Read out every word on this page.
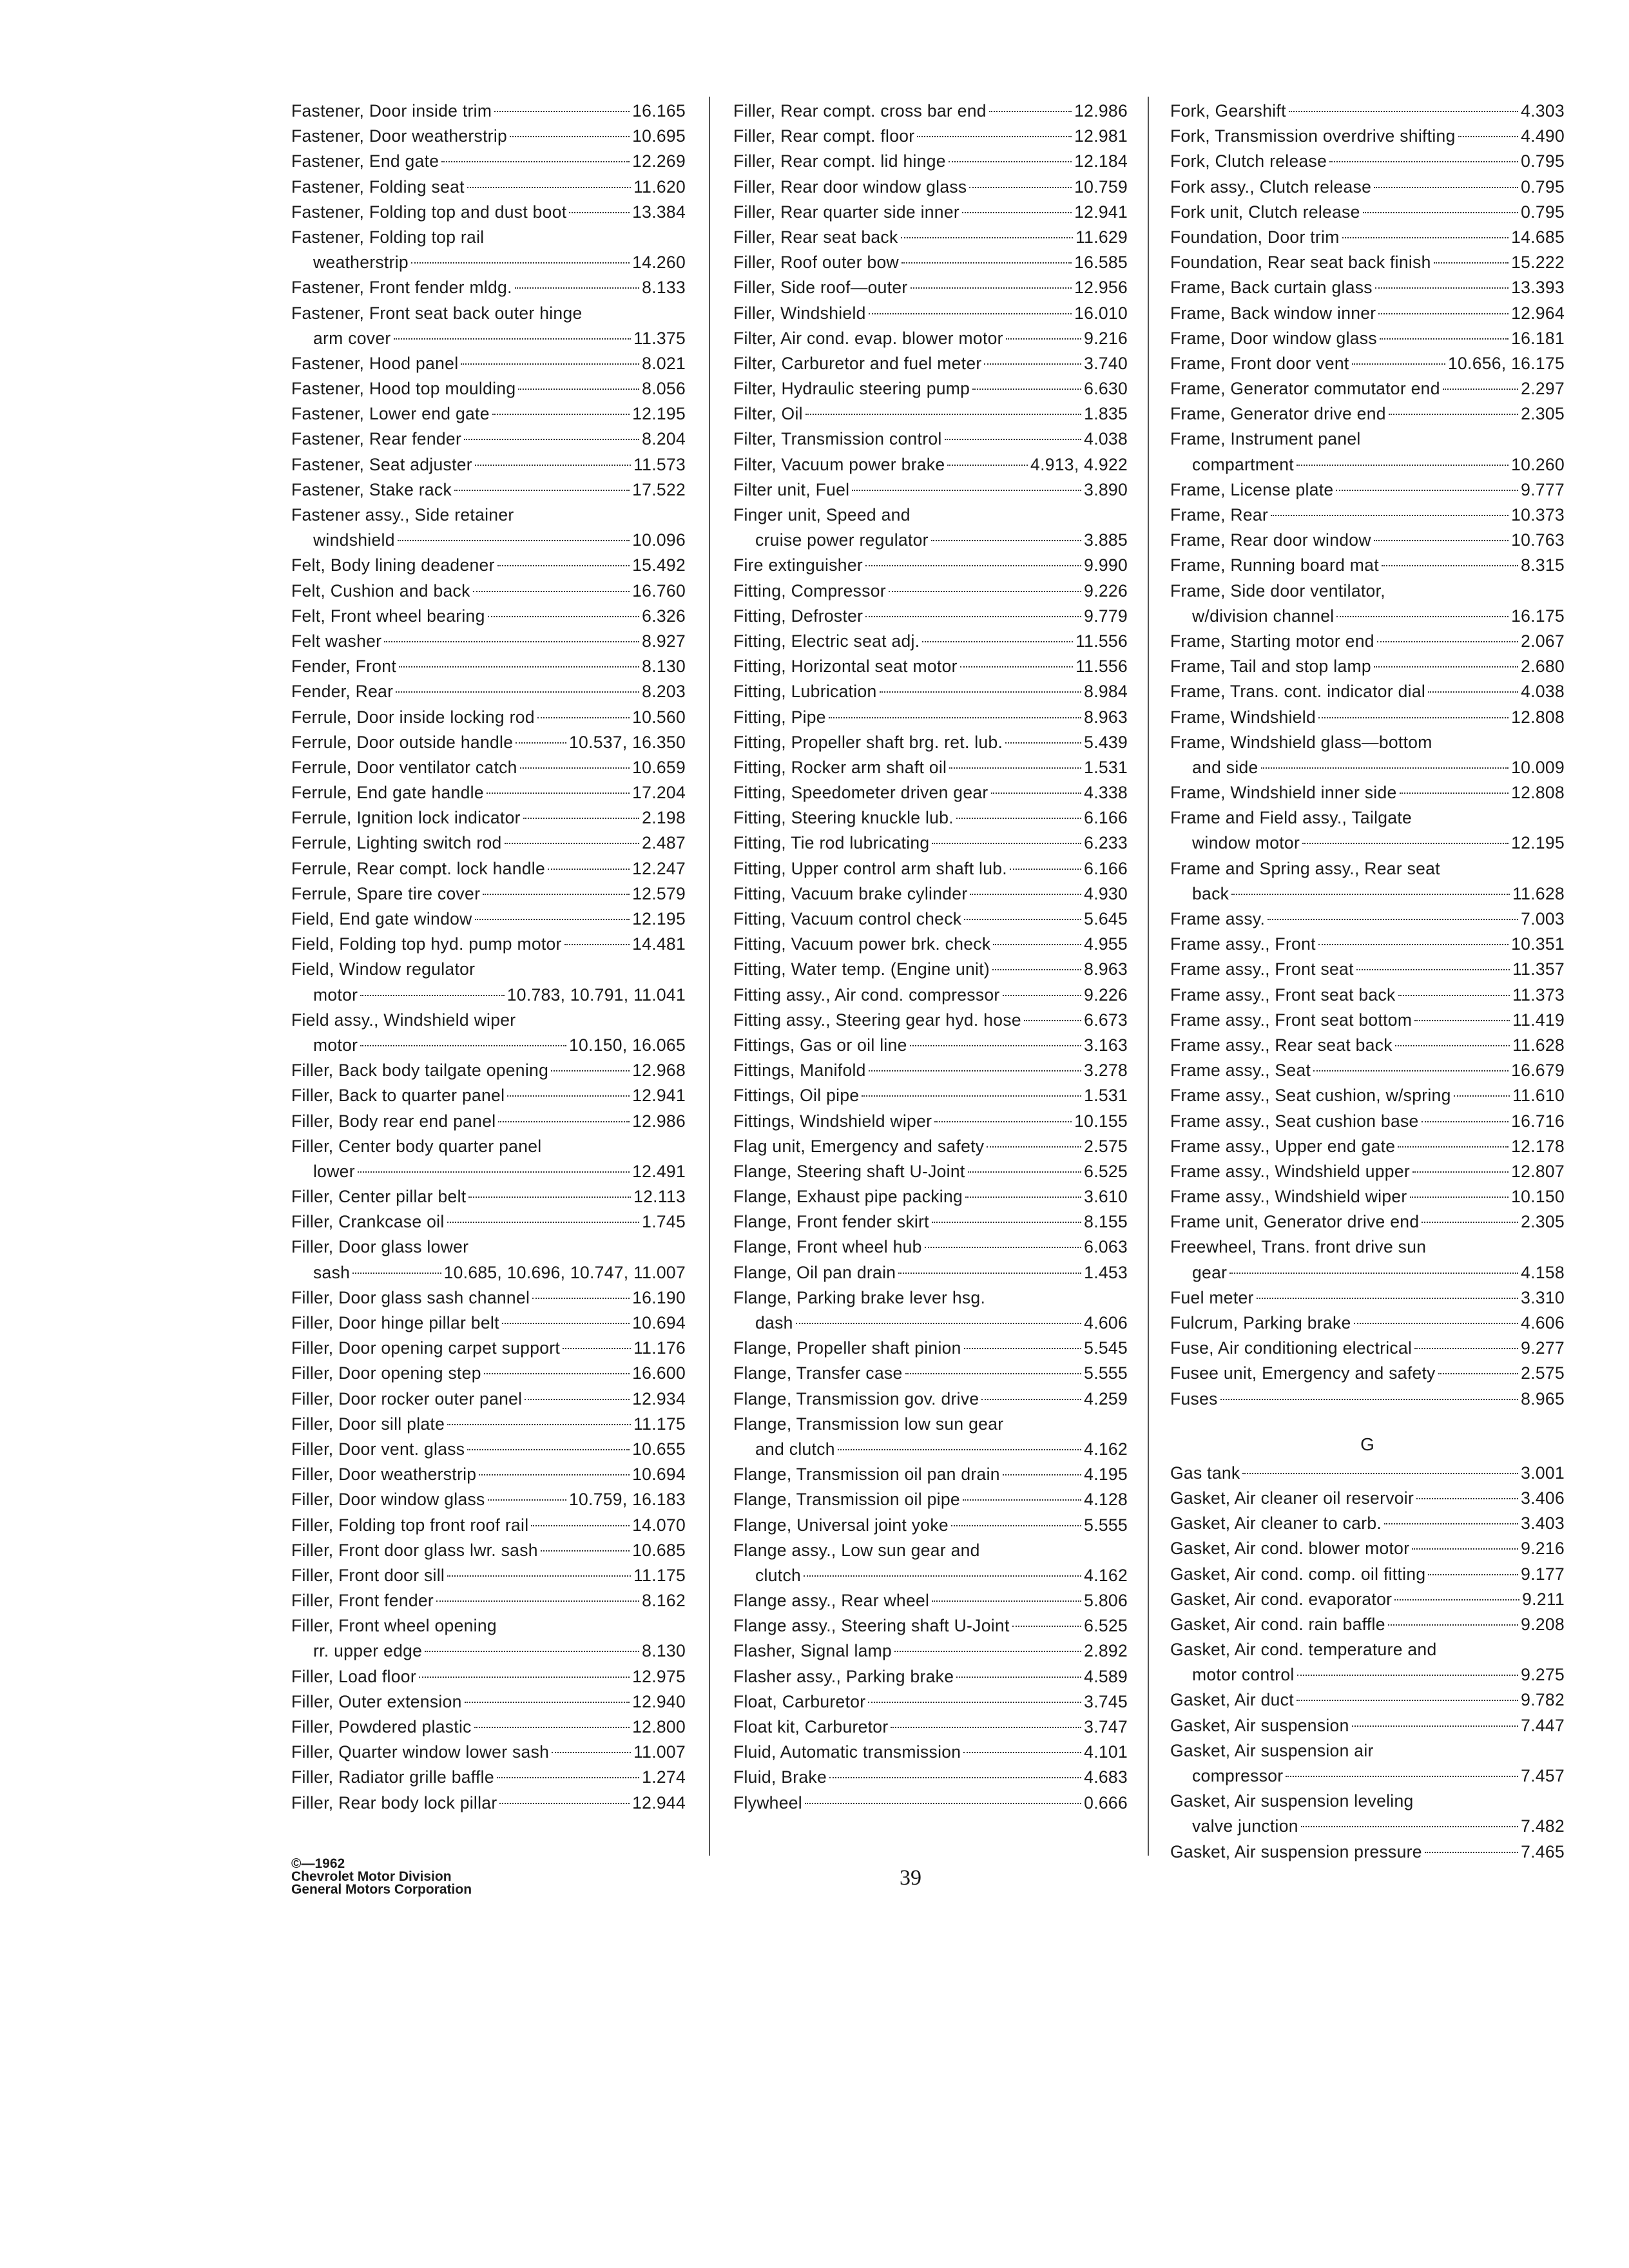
Fastener, Door inside trim	16.165
Fastener, Door weatherstrip	10.695
Fastener, End gate	12.269
Fastener, Folding seat	11.620
Fastener, Folding top and dust boot	13.384
Fastener, Folding top rail
weatherstrip	14.260
Fastener, Front fender mldg.	8.133
Fastener, Front seat back outer hinge
arm cover	11.375
Fastener, Hood panel	8.021
Fastener, Hood top moulding	8.056
Fastener, Lower end gate	12.195
Fastener, Rear fender	8.204
Fastener, Seat adjuster	11.573
Fastener, Stake rack	17.522
Fastener assy., Side retainer
windshield	10.096
Felt, Body lining deadener	15.492
Felt, Cushion and back	16.760
Felt, Front wheel bearing	6.326
Felt washer	8.927
Fender, Front	8.130
Fender, Rear	8.203
Ferrule, Door inside locking rod	10.560
Ferrule, Door outside handle	10.537, 16.350
Ferrule, Door ventilator catch	10.659
Ferrule, End gate handle	17.204
Ferrule, Ignition lock indicator	2.198
Ferrule, Lighting switch rod	2.487
Ferrule, Rear compt. lock handle	12.247
Ferrule, Spare tire cover	12.579
Field, End gate window	12.195
Field, Folding top hyd. pump motor	14.481
Field, Window regulator
motor	10.783, 10.791, 11.041
Field assy., Windshield wiper
motor	10.150, 16.065
Filler, Back body tailgate opening	12.968
Filler, Back to quarter panel	12.941
Filler, Body rear end panel	12.986
Filler, Center body quarter panel
lower	12.491
Filler, Center pillar belt	12.113
Filler, Crankcase oil	1.745
Filler, Door glass lower
sash	10.685, 10.696, 10.747, 11.007
Filler, Door glass sash channel	16.190
Filler, Door hinge pillar belt	10.694
Filler, Door opening carpet support	11.176
Filler, Door opening step	16.600
Filler, Door rocker outer panel	12.934
Filler, Door sill plate	11.175
Filler, Door vent. glass	10.655
Filler, Door weatherstrip	10.694
Filler, Door window glass	10.759, 16.183
Filler, Folding top front roof rail	14.070
Filler, Front door glass lwr. sash	10.685
Filler, Front door sill	11.175
Filler, Front fender	8.162
Filler, Front wheel opening
rr. upper edge	8.130
Filler, Load floor	12.975
Filler, Outer extension	12.940
Filler, Powdered plastic	12.800
Filler, Quarter window lower sash	11.007
Filler, Radiator grille baffle	1.274
Filler, Rear body lock pillar	12.944
Filler, Rear compt. cross bar end	12.986
Filler, Rear compt. floor	12.981
Filler, Rear compt. lid hinge	12.184
Filler, Rear door window glass	10.759
Filler, Rear quarter side inner	12.941
Filler, Rear seat back	11.629
Filler, Roof outer bow	16.585
Filler, Side roof—outer	12.956
Filler, Windshield	16.010
Filter, Air cond. evap. blower motor	9.216
Filter, Carburetor and fuel meter	3.740
Filter, Hydraulic steering pump	6.630
Filter, Oil	1.835
Filter, Transmission control	4.038
Filter, Vacuum power brake	4.913, 4.922
Filter unit, Fuel	3.890
Finger unit, Speed and
cruise power regulator	3.885
Fire extinguisher	9.990
Fitting, Compressor	9.226
Fitting, Defroster	9.779
Fitting, Electric seat adj.	11.556
Fitting, Horizontal seat motor	11.556
Fitting, Lubrication	8.984
Fitting, Pipe	8.963
Fitting, Propeller shaft brg. ret. lub.	5.439
Fitting, Rocker arm shaft oil	1.531
Fitting, Speedometer driven gear	4.338
Fitting, Steering knuckle lub.	6.166
Fitting, Tie rod lubricating	6.233
Fitting, Upper control arm shaft lub.	6.166
Fitting, Vacuum brake cylinder	4.930
Fitting, Vacuum control check	5.645
Fitting, Vacuum power brk. check	4.955
Fitting, Water temp. (Engine unit)	8.963
Fitting assy., Air cond. compressor	9.226
Fitting assy., Steering gear hyd. hose	6.673
Fittings, Gas or oil line	3.163
Fittings, Manifold	3.278
Fittings, Oil pipe	1.531
Fittings, Windshield wiper	10.155
Flag unit, Emergency and safety	2.575
Flange, Steering shaft U-Joint	6.525
Flange, Exhaust pipe packing	3.610
Flange, Front fender skirt	8.155
Flange, Front wheel hub	6.063
Flange, Oil pan drain	1.453
Flange, Parking brake lever hsg.
dash	4.606
Flange, Propeller shaft pinion	5.545
Flange, Transfer case	5.555
Flange, Transmission gov. drive	4.259
Flange, Transmission low sun gear
and clutch	4.162
Flange, Transmission oil pan drain	4.195
Flange, Transmission oil pipe	4.128
Flange, Universal joint yoke	5.555
Flange assy., Low sun gear and
clutch	4.162
Flange assy., Rear wheel	5.806
Flange assy., Steering shaft U-Joint	6.525
Flasher, Signal lamp	2.892
Flasher assy., Parking brake	4.589
Float, Carburetor	3.745
Float kit, Carburetor	3.747
Fluid, Automatic transmission	4.101
Fluid, Brake	4.683
Flywheel	0.666
Fork, Gearshift	4.303
Fork, Transmission overdrive shifting	4.490
Fork, Clutch release	0.795
Fork assy., Clutch release	0.795
Fork unit, Clutch release	0.795
Foundation, Door trim	14.685
Foundation, Rear seat back finish	15.222
Frame, Back curtain glass	13.393
Frame, Back window inner	12.964
Frame, Door window glass	16.181
Frame, Front door vent	10.656, 16.175
Frame, Generator commutator end	2.297
Frame, Generator drive end	2.305
Frame, Instrument panel
compartment	10.260
Frame, License plate	9.777
Frame, Rear	10.373
Frame, Rear door window	10.763
Frame, Running board mat	8.315
Frame, Side door ventilator,
w/division channel	16.175
Frame, Starting motor end	2.067
Frame, Tail and stop lamp	2.680
Frame, Trans. cont. indicator dial	4.038
Frame, Windshield	12.808
Frame, Windshield glass—bottom
and side	10.009
Frame, Windshield inner side	12.808
Frame and Field assy., Tailgate
window motor	12.195
Frame and Spring assy., Rear seat
back	11.628
Frame assy.	7.003
Frame assy., Front	10.351
Frame assy., Front seat	11.357
Frame assy., Front seat back	11.373
Frame assy., Front seat bottom	11.419
Frame assy., Rear seat back	11.628
Frame assy., Seat	16.679
Frame assy., Seat cushion, w/spring	11.610
Frame assy., Seat cushion base	16.716
Frame assy., Upper end gate	12.178
Frame assy., Windshield upper	12.807
Frame assy., Windshield wiper	10.150
Frame unit, Generator drive end	2.305
Freewheel, Trans. front drive sun
gear	4.158
Fuel meter	3.310
Fulcrum, Parking brake	4.606
Fuse, Air conditioning electrical	9.277
Fusee unit, Emergency and safety	2.575
Fuses	8.965
G
Gas tank	3.001
Gasket, Air cleaner oil reservoir	3.406
Gasket, Air cleaner to carb.	3.403
Gasket, Air cond. blower motor	9.216
Gasket, Air cond. comp. oil fitting	9.177
Gasket, Air cond. evaporator	9.211
Gasket, Air cond. rain baffle	9.208
Gasket, Air cond. temperature and
motor control	9.275
Gasket, Air duct	9.782
Gasket, Air suspension	7.447
Gasket, Air suspension air
compressor	7.457
Gasket, Air suspension leveling
valve junction	7.482
Gasket, Air suspension pressure	7.465
©—1962
Chevrolet Motor Division
General Motors Corporation	39
